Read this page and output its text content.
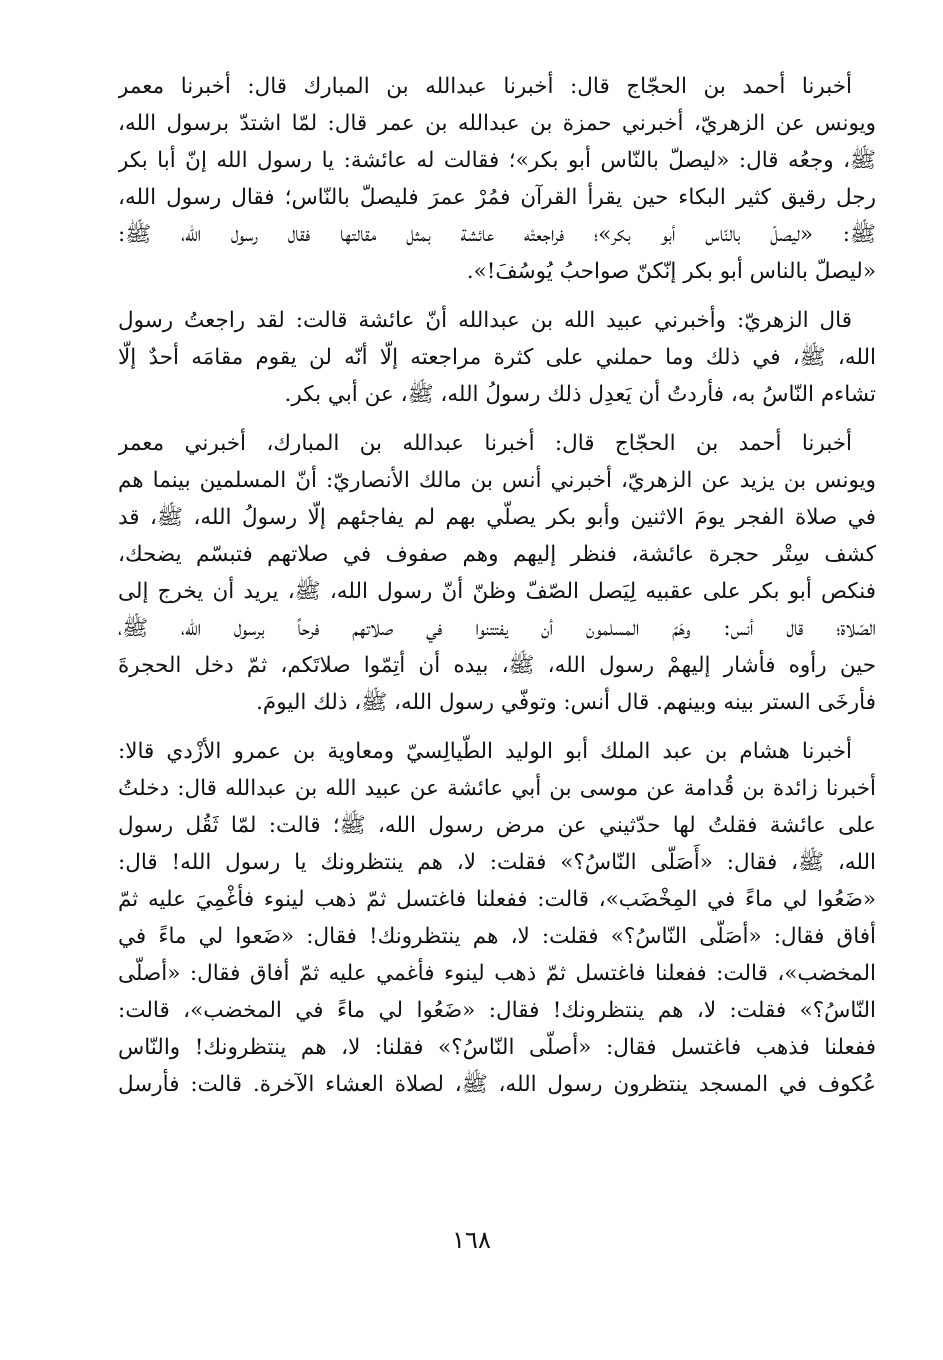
أخبرنا أحمد بن الحجّاج قال: أخبرنا عبدالله بن المبارك قال: أخبرنا معمر
ويونس عن الزهريّ، أخبرني حمزة بن عبدالله بن عمر قال: لمّا اشتدّ برسول الله،
ﷺ، وجعُه قال: «ليصلّ بالنّاس أبو بكر»؛ فقالت له عائشة: يا رسول الله إنّ أبا بكر
رجل رقيق كثير البكاء حين يقرأ القرآن فمُرْ عمرَ فليصلّ بالنّاس؛ فقال رسول الله،
ﷺ: «ليصلّ بالنّاس أبو بكر»؛ فراجعتْه عائشة بمثل مقالتها فقال رسول الله، ﷺ:
«ليصلّ بالناس أبو بكر إنّكنّ صواحبُ يُوسُفَ!».
قال الزهريّ: وأخبرني عبيد الله بن عبدالله أنّ عائشة قالت: لقد راجعتُ رسول
الله، ﷺ، في ذلك وما حملني على كثرة مراجعته إلّا أنّه لن يقوم مقامَه أحدٌ إلّا
تشاءم النّاسُ به، فأردتُ أن يَعدِل ذلك رسولُ الله، ﷺ، عن أبي بكر.
أخبرنا أحمد بن الحجّاج قال: أخبرنا عبدالله بن المبارك، أخبرني معمر
ويونس بن يزيد عن الزهريّ، أخبرني أنس بن مالك الأنصاريّ: أنّ المسلمين بينما هم
في صلاة الفجر يومَ الاثنين وأبو بكر يصلّي بهم لم يفاجئهم إلّا رسولُ الله، ﷺ، قد
كشف سِتْر حجرة عائشة، فنظر إليهم وهم صفوف في صلاتهم فتبسّم يضحك،
فنكص أبو بكر على عقبيه لِيَصل الصّفّ وظنّ أنّ رسول الله، ﷺ، يريد أن يخرج إلى
الصّلاة؛ قال أنس: وهَمّ المسلمون أن يفتتنوا في صلاتهم فرحاً برسول الله، ﷺ،
حين رأوه فأشار إليهمْ رسول الله، ﷺ، بيده أن أتِمّوا صلاتَكم، ثمّ دخل الحجرةَ
فأرخَى الستر بينه وبينهم. قال أنس: وتوفّي رسول الله، ﷺ، ذلك اليومَ.
أخبرنا هشام بن عبد الملك أبو الوليد الطّيالِسيّ ومعاوية بن عمرو الأزْدي قالا:
أخبرنا زائدة بن قُدامة عن موسى بن أبي عائشة عن عبيد الله بن عبدالله قال: دخلتُ
على عائشة فقلتُ لها حدّثيني عن مرض رسول الله، ﷺ؛ قالت: لمّا ثَقُل رسول
الله، ﷺ، فقال: «أَصَلّى النّاسُ؟» فقلت: لا، هم ينتظرونك يا رسول الله! قال:
«ضَعُوا لي ماءً في المِخْضَب»، قالت: ففعلنا فاغتسل ثمّ ذهب لينوء فأغْمِيَ عليه ثمّ
أفاق فقال: «أصَلّى النّاسُ؟» فقلت: لا، هم ينتظرونك! فقال: «ضَعوا لي ماءً في
المخضب»، قالت: ففعلنا فاغتسل ثمّ ذهب لينوء فأغمي عليه ثمّ أفاق فقال: «أصلّى
النّاسُ؟» فقلت: لا، هم ينتظرونك! فقال: «ضَعُوا لي ماءً في المخضب»، قالت:
ففعلنا فذهب فاغتسل فقال: «أصلّى النّاسُ؟» فقلنا: لا، هم ينتظرونك! والنّاس
عُكوف في المسجد ينتظرون رسول الله، ﷺ، لصلاة العشاء الآخرة. قالت: فأرسل
١٦٨
